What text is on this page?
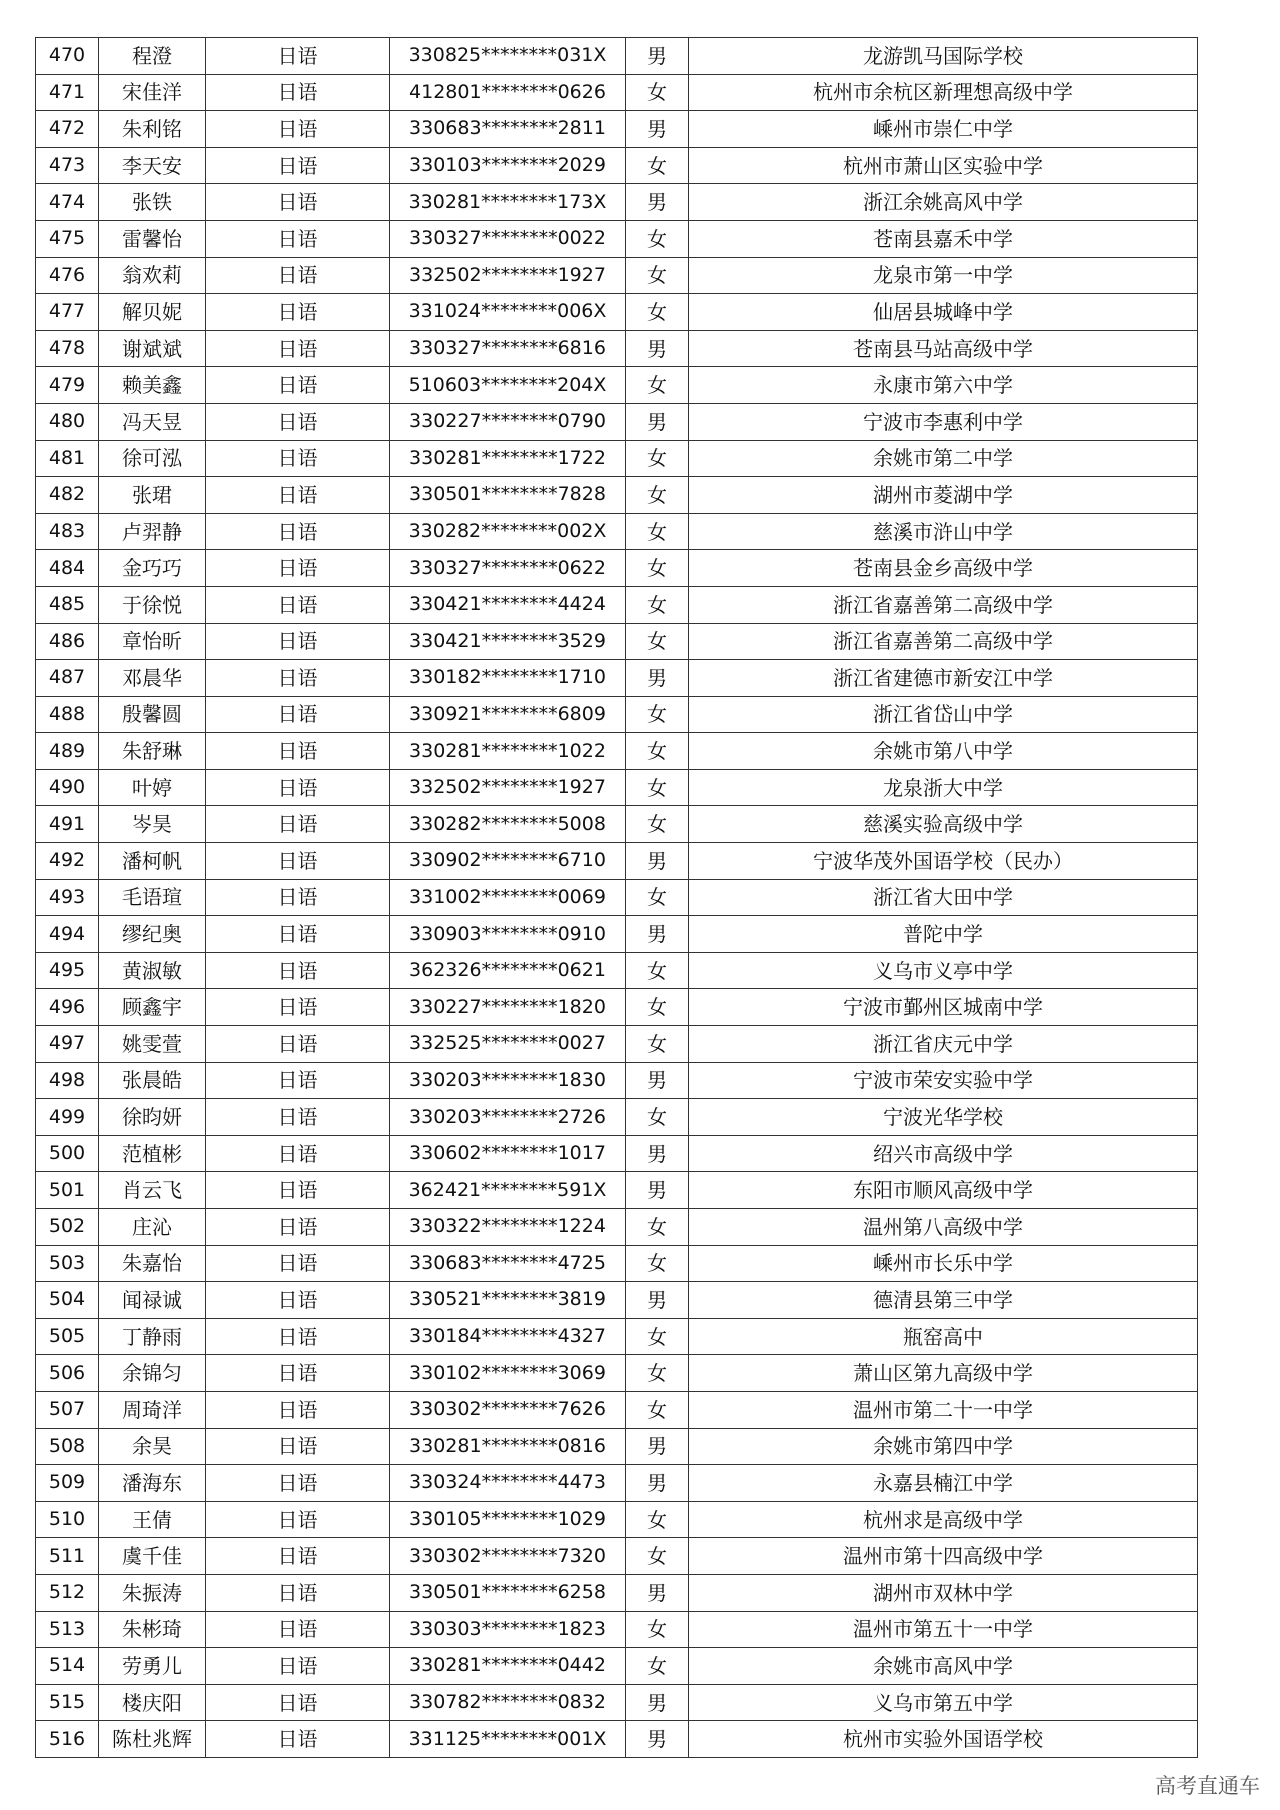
470	程澄	日语	330825********031X	男	龙游凯马国际学校
471	宋佳洋	日语	412801********0626	女	杭州市余杭区新理想高级中学
472	朱利铭	日语	330683********2811	男	嵊州市崇仁中学
473	李天安	日语	330103********2029	女	杭州市萧山区实验中学
474	张铁	日语	330281********173X	男	浙江余姚高风中学
475	雷馨怡	日语	330327********0022	女	苍南县嘉禾中学
476	翁欢莉	日语	332502********1927	女	龙泉市第一中学
477	解贝妮	日语	331024********006X	女	仙居县城峰中学
478	谢斌斌	日语	330327********6816	男	苍南县马站高级中学
479	赖美鑫	日语	510603********204X	女	永康市第六中学
480	冯天昱	日语	330227********0790	男	宁波市李惠利中学
481	徐可泓	日语	330281********1722	女	余姚市第二中学
482	张珺	日语	330501********7828	女	湖州市菱湖中学
483	卢羿静	日语	330282********002X	女	慈溪市浒山中学
484	金巧巧	日语	330327********0622	女	苍南县金乡高级中学
485	于徐悦	日语	330421********4424	女	浙江省嘉善第二高级中学
486	章怡昕	日语	330421********3529	女	浙江省嘉善第二高级中学
487	邓晨华	日语	330182********1710	男	浙江省建德市新安江中学
488	殷馨圆	日语	330921********6809	女	浙江省岱山中学
489	朱舒琳	日语	330281********1022	女	余姚市第八中学
490	叶婷	日语	332502********1927	女	龙泉浙大中学
491	岑昊	日语	330282********5008	女	慈溪实验高级中学
492	潘柯帆	日语	330902********6710	男	宁波华茂外国语学校（民办）
493	毛语瑄	日语	331002********0069	女	浙江省大田中学
494	缪纪奥	日语	330903********0910	男	普陀中学
495	黄淑敏	日语	362326********0621	女	义乌市义亭中学
496	顾鑫宇	日语	330227********1820	女	宁波市鄞州区城南中学
497	姚雯萱	日语	332525********0027	女	浙江省庆元中学
498	张晨皓	日语	330203********1830	男	宁波市荣安实验中学
499	徐昀妍	日语	330203********2726	女	宁波光华学校
500	范植彬	日语	330602********1017	男	绍兴市高级中学
501	肖云飞	日语	362421********591X	男	东阳市顺风高级中学
502	庄沁	日语	330322********1224	女	温州第八高级中学
503	朱嘉怡	日语	330683********4725	女	嵊州市长乐中学
504	闻禄诚	日语	330521********3819	男	德清县第三中学
505	丁静雨	日语	330184********4327	女	瓶窑高中
506	余锦匀	日语	330102********3069	女	萧山区第九高级中学
507	周琦洋	日语	330302********7626	女	温州市第二十一中学
508	余昊	日语	330281********0816	男	余姚市第四中学
509	潘海东	日语	330324********4473	男	永嘉县楠江中学
510	王倩	日语	330105********1029	女	杭州求是高级中学
511	虞千佳	日语	330302********7320	女	温州市第十四高级中学
512	朱振涛	日语	330501********6258	男	湖州市双林中学
513	朱彬琦	日语	330303********1823	女	温州市第五十一中学
514	劳勇儿	日语	330281********0442	女	余姚市高风中学
515	楼庆阳	日语	330782********0832	男	义乌市第五中学
516	陈杜兆辉	日语	331125********001X	男	杭州市实验外国语学校
高考直通车
